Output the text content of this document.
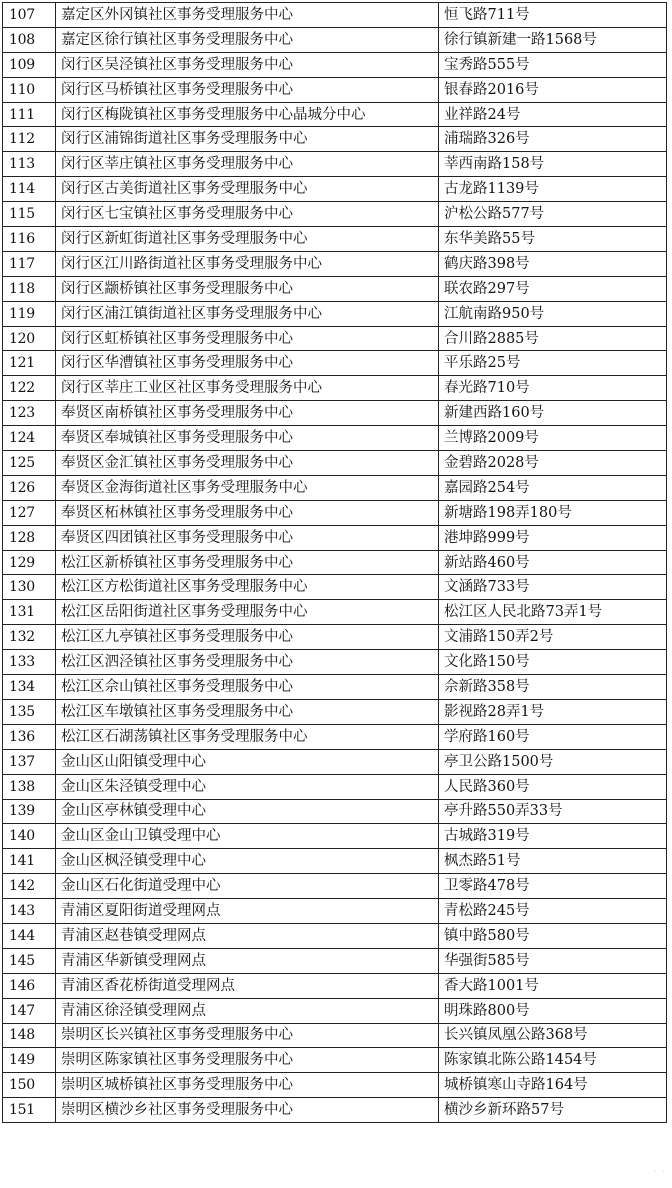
107	嘉定区外冈镇社区事务受理服务中心	恒飞路711号
108	嘉定区徐行镇社区事务受理服务中心	徐行镇新建一路1568号
109	闵行区吴泾镇社区事务受理服务中心	宝秀路555号
110	闵行区马桥镇社区事务受理服务中心	银春路2016号
111	闵行区梅陇镇社区事务受理服务中心晶城分中心	业祥路24号
112	闵行区浦锦街道社区事务受理服务中心	浦瑞路326号
113	闵行区莘庄镇社区事务受理服务中心	莘西南路158号
114	闵行区古美街道社区事务受理服务中心	古龙路1139号
115	闵行区七宝镇社区事务受理服务中心	沪松公路577号
116	闵行区新虹街道社区事务受理服务中心	东华美路55号
117	闵行区江川路街道社区事务受理服务中心	鹤庆路398号
118	闵行区颛桥镇社区事务受理服务中心	联农路297号
119	闵行区浦江镇街道社区事务受理服务中心	江航南路950号
120	闵行区虹桥镇社区事务受理服务中心	合川路2885号
121	闵行区华漕镇社区事务受理服务中心	平乐路25号
122	闵行区莘庄工业区社区事务受理服务中心	春光路710号
123	奉贤区南桥镇社区事务受理服务中心	新建西路160号
124	奉贤区奉城镇社区事务受理服务中心	兰博路2009号
125	奉贤区金汇镇社区事务受理服务中心	金碧路2028号
126	奉贤区金海街道社区事务受理服务中心	嘉园路254号
127	奉贤区柘林镇社区事务受理服务中心	新塘路198弄180号
128	奉贤区四团镇社区事务受理服务中心	港坤路999号
129	松江区新桥镇社区事务受理服务中心	新站路460号
130	松江区方松街道社区事务受理服务中心	文涵路733号
131	松江区岳阳街道社区事务受理服务中心	松江区人民北路73弄1号
132	松江区九亭镇社区事务受理服务中心	文浦路150弄2号
133	松江区泗泾镇社区事务受理服务中心	文化路150号
134	松江区佘山镇社区事务受理服务中心	佘新路358号
135	松江区车墩镇社区事务受理服务中心	影视路28弄1号
136	松江区石湖荡镇社区事务受理服务中心	学府路160号
137	金山区山阳镇受理中心	亭卫公路1500号
138	金山区朱泾镇受理中心	人民路360号
139	金山区亭林镇受理中心	亭升路550弄33号
140	金山区金山卫镇受理中心	古城路319号
141	金山区枫泾镇受理中心	枫杰路51号
142	金山区石化街道受理中心	卫零路478号
143	青浦区夏阳街道受理网点	青松路245号
144	青浦区赵巷镇受理网点	镇中路580号
145	青浦区华新镇受理网点	华强街585号
146	青浦区香花桥街道受理网点	香大路1001号
147	青浦区徐泾镇受理网点	明珠路800号
148	崇明区长兴镇社区事务受理服务中心	长兴镇凤凰公路368号
149	崇明区陈家镇社区事务受理服务中心	陈家镇北陈公路1454号
150	崇明区城桥镇社区事务受理服务中心	城桥镇寒山寺路164号
151	崇明区横沙乡社区事务受理服务中心	横沙乡新环路57号
· ·
